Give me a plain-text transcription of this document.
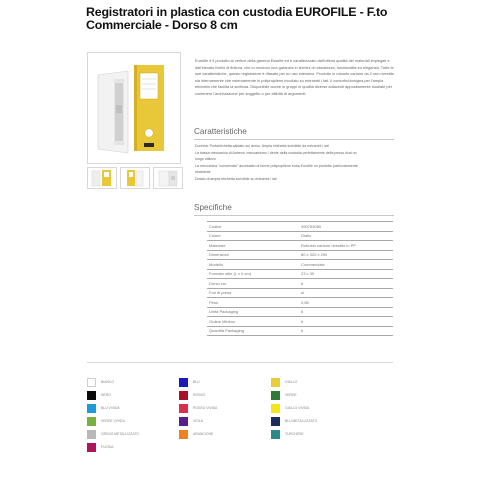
Registratori in plastica con custodia EUROFILE - F.to Commerciale - Dorso 8 cm
Eurofile è il prodotto al vertice della gamma Esselte ed è caratterizzato dall'ottima qualità dei materiali impiegati e dall'elevato livello di finitura, che lo rendono una garanzia in termini di robustezza, funzionalità ed eleganza. Tutte le sue caratteristiche, questo registratore è rifasato per un uso intensivo. Prodotto in robusto cartone da 2 mm rivestito sia internamente che esternamente in polipropilene incollato su entrambi i lati. Il contorfo/dorsigna per l'ampia etichetta che facilita la scrittura. Disponibile anche in gruppi in qualità diverse adiacenti appositamente studiate per contenere l'archiviazione per soggetto o per affinità di argomenti.
Caratteristiche

Dorinha: Portaetichetta saldato sul dorso. Ampia etichetta scrivibile da entrambi i lati

La bassa meccanica di Anfrecs: meccanismo / dente della custodia perfettamente della pesos ricai un

lungo utilizzo

La meccanica "conservato" accessato di forme polipropilene eosa Eurofile un prodotto particolarmente

resistente

Dotato di ampia etichetta scrivibile su entrambi i lati

Specifiche
Codice	390753080
Colore	Giallo
Materiale	Robusto cartone rivestito in PP
Dimensioni	80 x 320 x 290
Modello	Commerciale
Formato utile (L x h cm)	23 x 30
Dorso cm	8
Fori di presa	si
Peso	0,85
Unità Packaging	6
Ordine Minimo	6
Quantità Packaging	6
BIANCO	BLU	GIALLO
NERO	ROSSO	VERDE
BLU VIVIDA	ROSSO VIVIDA	GIALLO VIVIDA
VERDE VIVIDA	VIOLA	BLU METALLIZZATO
GRIGIO METALLIZZATO	ARANCIONE	TURCHESE
FUCSIA
